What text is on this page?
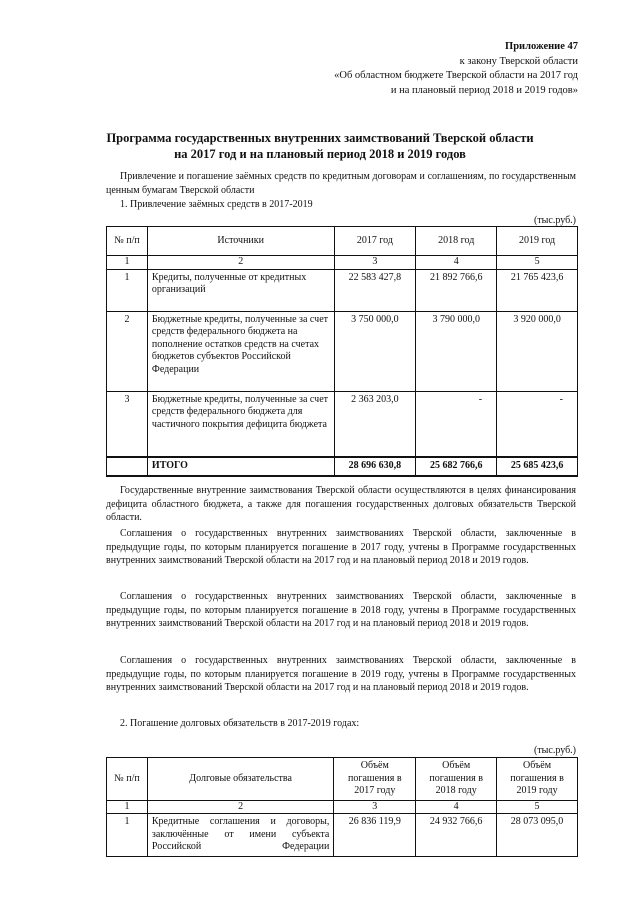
Приложение 47
к закону Тверской области
«Об областном бюджете Тверской области на 2017 год
и на плановый период 2018 и 2019 годов»
Программа государственных внутренних заимствований Тверской области
на 2017 год и на плановый период 2018 и 2019 годов
Привлечение и погашение заёмных средств по кредитным договорам и соглашениям, по государственным ценным бумагам Тверской области
1. Привлечение заёмных средств в 2017-2019
(тыс.руб.)
№ п/п	Источники	2017 год	2018 год	2019 год
1	2	3	4	5
1	Кредиты, полученные от кредитных организаций	22 583 427,8	21 892 766,6	21 765 423,6
2	Бюджетные кредиты, полученные за счет средств федерального бюджета на пополнение остатков средств на счетах бюджетов субъектов Российской Федерации	3 750 000,0	3 790 000,0	3 920 000,0
3	Бюджетные кредиты, полученные за счет средств федерального бюджета для частичного покрытия дефицита бюджета	2 363 203,0	-	-
	ИТОГО	28 696 630,8	25 682 766,6	25 685 423,6
Государственные внутренние заимствования Тверской области осуществляются в целях финансирования дефицита областного бюджета, а также для погашения государственных долговых обязательств Тверской области.
Соглашения о государственных внутренних заимствованиях Тверской области, заключенные в предыдущие годы, по которым планируется погашение в 2017 году, учтены в Программе государственных внутренних заимствований Тверской области на 2017 год и на плановый период 2018 и 2019 годов.
Соглашения о государственных внутренних заимствованиях Тверской области, заключенные в предыдущие годы, по которым планируется погашение в 2018 году, учтены в Программе государственных внутренних заимствований Тверской области на 2017 год и на плановый период 2018 и 2019 годов.
Соглашения о государственных внутренних заимствованиях Тверской области, заключенные в предыдущие годы, по которым планируется погашение в 2019 году, учтены в Программе государственных внутренних заимствований Тверской области на 2017 год и на плановый период 2018 и 2019 годов.
2. Погашение долговых обязательств в 2017-2019 годах:
(тыс.руб.)
№ п/п	Долговые обязательства	Объём погашения в 2017 году	Объём погашения в 2018 году	Объём погашения в 2019 году
1	2	3	4	5
1	Кредитные соглашения и договоры, заключённые от имени субъекта Российской Федерации	26 836 119,9	24 932 766,6	28 073 095,0
